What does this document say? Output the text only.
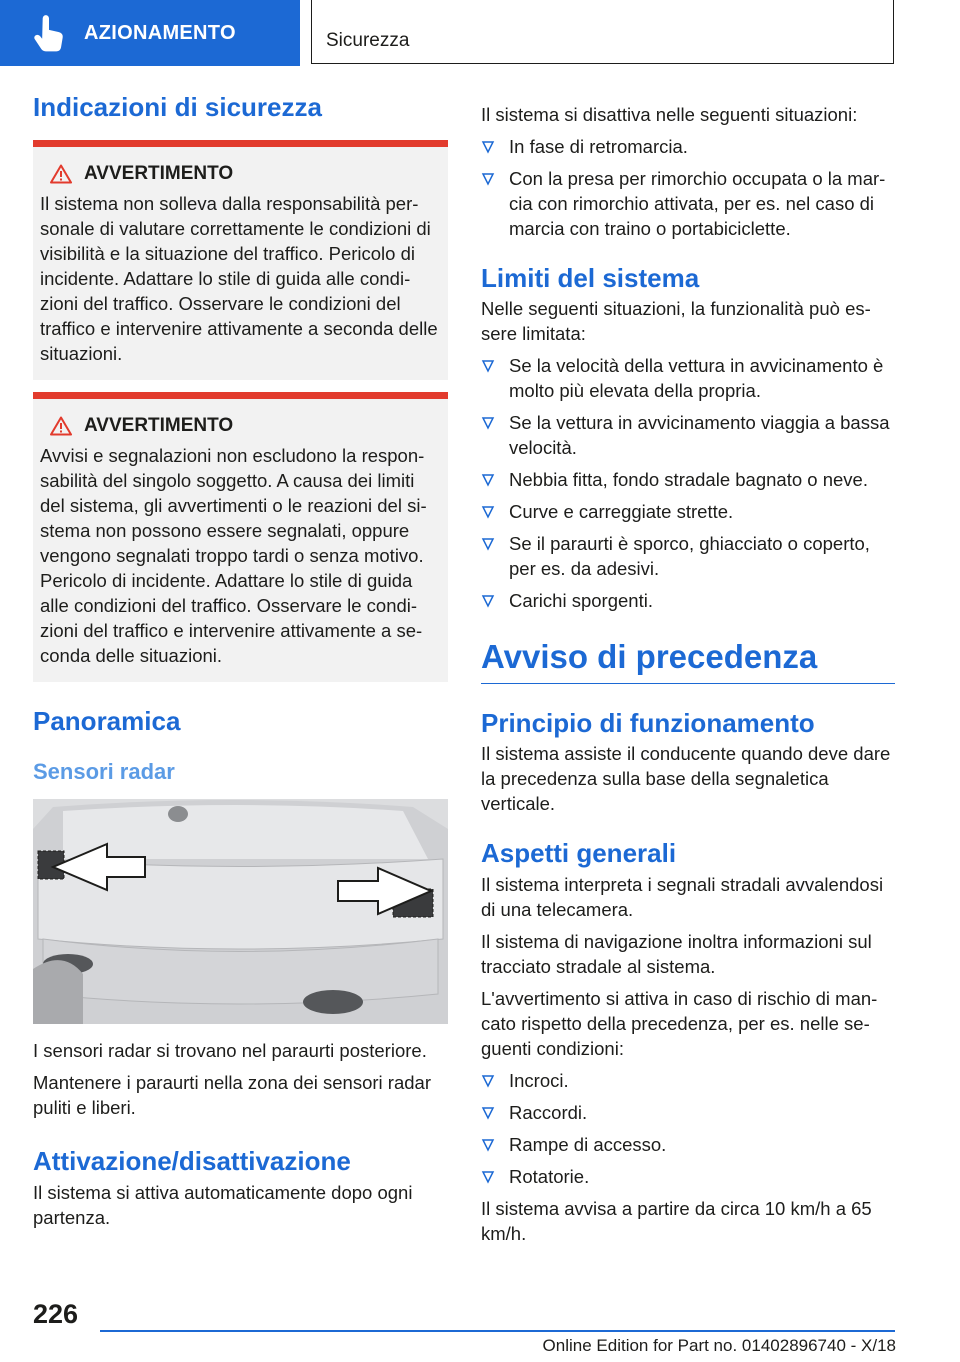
AZIONAMENTO	Sicurezza
Indicazioni di sicurezza
AVVERTIMENTO

Il sistema non solleva dalla responsabilità personale di valutare correttamente le condizioni di visibilità e la situazione del traffico. Pericolo di incidente. Adattare lo stile di guida alle condizioni del traffico. Osservare le condizioni del traffico e intervenire attivamente a seconda delle situazioni.

AVVERTIMENTO

Avvisi e segnalazioni non escludono la responsabilità del singolo soggetto. A causa dei limiti del sistema, gli avvertimenti o le reazioni del sistema non possono essere segnalati, oppure vengono segnalati troppo tardi o senza motivo. Pericolo di incidente. Adattare lo stile di guida alle condizioni del traffico. Osservare le condizioni del traffico e intervenire attivamente a seconda delle situazioni.

Panoramica
Sensori radar

I sensori radar si trovano nel paraurti posteriore.

Mantenere i paraurti nella zona dei sensori radar puliti e liberi.

Attivazione/disattivazione

Il sistema si attiva automaticamente dopo ogni partenza.

Il sistema si disattiva nelle seguenti situazioni:

In fase di retromarcia.
Con la presa per rimorchio occupata o la marcia con rimorchio attivata, per es. nel caso di marcia con traino o portabiciclette.
Limiti del sistema

Nelle seguenti situazioni, la funzionalità può essere limitata:

Se la velocità della vettura in avvicinamento è molto più elevata della propria.
Se la vettura in avvicinamento viaggia a bassa velocità.
Nebbia fitta, fondo stradale bagnato o neve.
Curve e carreggiate strette.
Se il paraurti è sporco, ghiacciato o coperto, per es. da adesivi.
Carichi sporgenti.
Avviso di precedenza
Principio di funzionamento

Il sistema assiste il conducente quando deve dare la precedenza sulla base della segnaletica verticale.

Aspetti generali

Il sistema interpreta i segnali stradali avvalendosi di una telecamera.

Il sistema di navigazione inoltra informazioni sul tracciato stradale al sistema.

L'avvertimento si attiva in caso di rischio di mancato rispetto della precedenza, per es. nelle seguenti condizioni:

Incroci.
Raccordi.
Rampe di accesso.
Rotatorie.

Il sistema avvisa a partire da circa 10 km/h a 65 km/h.

226
Online Edition for Part no. 01402896740 - X/18
